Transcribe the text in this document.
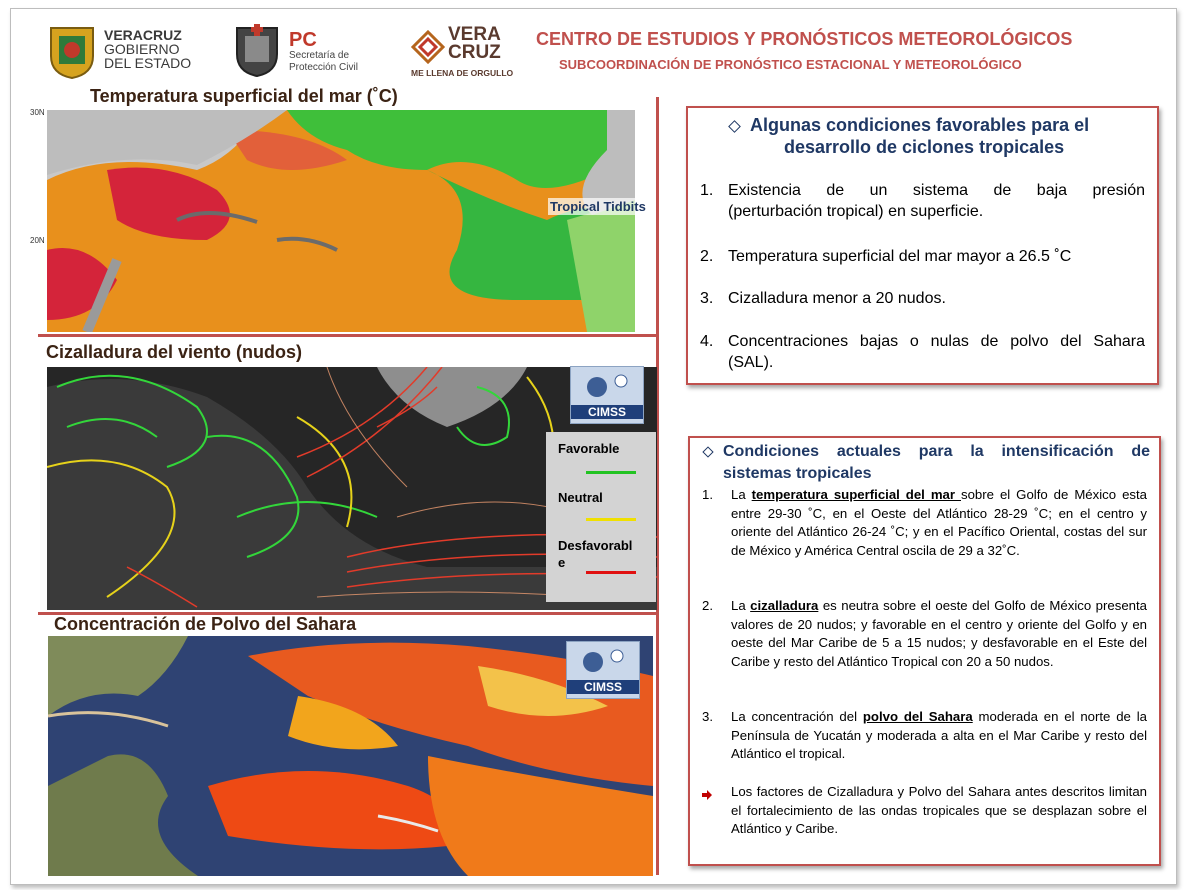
VERACRUZ
GOBIERNO
DEL ESTADO
PC
Secretaría de
Protección Civil
VERA
CRUZ
ME LLENA DE ORGULLO
CENTRO DE ESTUDIOS Y PRONÓSTICOS METEOROLÓGICOS
SUBCOORDINACIÓN DE PRONÓSTICO ESTACIONAL Y METEOROLÓGICO
Temperatura superficial del mar (˚C)
30N
20N
Tropical Tidbits
Cizalladura del viento (nudos)
CIMSS
Favorable
Neutral
Desfavorabl
e
Concentración de Polvo del Sahara
CIMSS
Algunas condiciones favorables para el
desarrollo de ciclones tropicales
1. Existencia de un sistema de baja presión
(perturbación tropical) en superficie.
2. Temperatura superficial del mar mayor a 26.5 ˚C
3. Cizalladura menor a 20 nudos.
4. Concentraciones bajas o nulas de polvo del Sahara
(SAL).
Condiciones actuales para la intensificación de
sistemas tropicales
1.	La temperatura superficial del mar sobre el Golfo de México esta entre 29-30 ˚C, en el Oeste del Atlántico 28-29 ˚C; en el centro y oriente del Atlántico 26-24 ˚C; y en el Pacífico Oriental, costas del sur de México y América Central oscila de 29 a 32˚C.
2.	La cizalladura es neutra sobre el oeste del Golfo de México presenta valores de 20 nudos; y favorable en el centro y oriente del Golfo y en oeste del Mar Caribe de 5 a 15 nudos; y desfavorable en el Este del Caribe y resto del Atlántico Tropical con 20 a 50 nudos.
3.	La concentración del polvo del Sahara moderada en el norte de la Península de Yucatán y moderada a alta en el Mar Caribe y resto del Atlántico el tropical.
Los factores de Cizalladura y Polvo del Sahara antes descritos limitan el fortalecimiento de las ondas tropicales que se desplazan sobre el Atlántico y Caribe.
